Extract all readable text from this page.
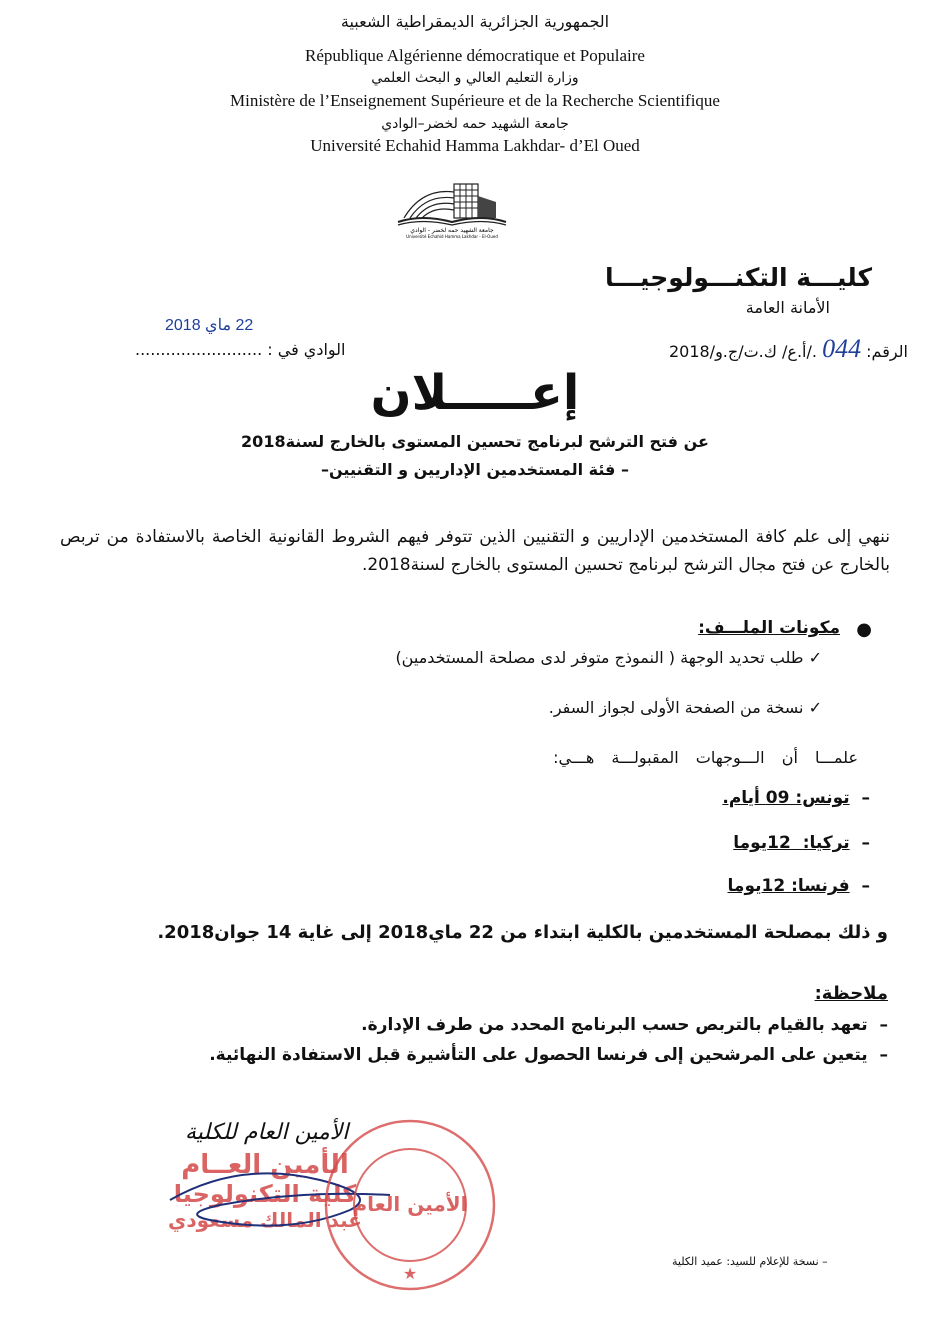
الجمهورية الجزائرية الديمقراطية الشعبية
République Algérienne démocratique et Populaire
وزارة التعليم العالي و البحث العلمي
Ministère de l’Enseignement Supérieure et de la Recherche Scientifique
جامعة الشهيد حمه لخضر–الوادي
Université Echahid Hamma Lakhdar- d’El Oued
جامعة الشهيد حمه لخضر - الوادي
Université Echahid Hamma Lakhdar - El-Oued
كليـــة التكنـــولوجيـــا
الأمانة العامة
الرقم: 044 ./أ.ع/ ك.ت/ج.و/2018
22 ماي 2018
الوادي في : .........................
إعـــــلان
عن فتح الترشح لبرنامج تحسين المستوى بالخارج لسنة2018
– فئة المستخدمين الإداريين و التقنيين–
ننهي إلى علم كافة المستخدمين الإداريين و التقنيين الذين تتوفر فيهم الشروط القانونية الخاصة بالاستفادة من تربص بالخارج عن فتح مجال الترشح لبرنامج تحسين المستوى بالخارج لسنة2018.
●
مكونات الملـــف:
✓ طلب تحديد الوجهة ( النموذج متوفر لدى مصلحة المستخدمين)
✓ نسخة من الصفحة الأولى لجواز السفر.
علمـــا أن الـــوجهات المقبولـــة هـــي:
–  تونس: 09 أيام.
–  تركيا:  12يوما
–  فرنسا: 12يوما
و ذلك بمصلحة المستخدمين بالكلية ابتداء من 22 ماي2018 إلى غاية 14 جوان2018.
ملاحظة:
–  تعهد بالقيام بالتربص حسب البرنامج المحدد من طرف الإدارة.
–  يتعين على المرشحين إلى فرنسا الحصول على التأشيرة قبل الاستفادة النهائية.
الأمين العام للكلية
الأمين العــام
كلية التكنولوجيا
عبد المالك مسعودي
الأمين العام
★
– نسخة للإعلام للسيد: عميد الكلية
